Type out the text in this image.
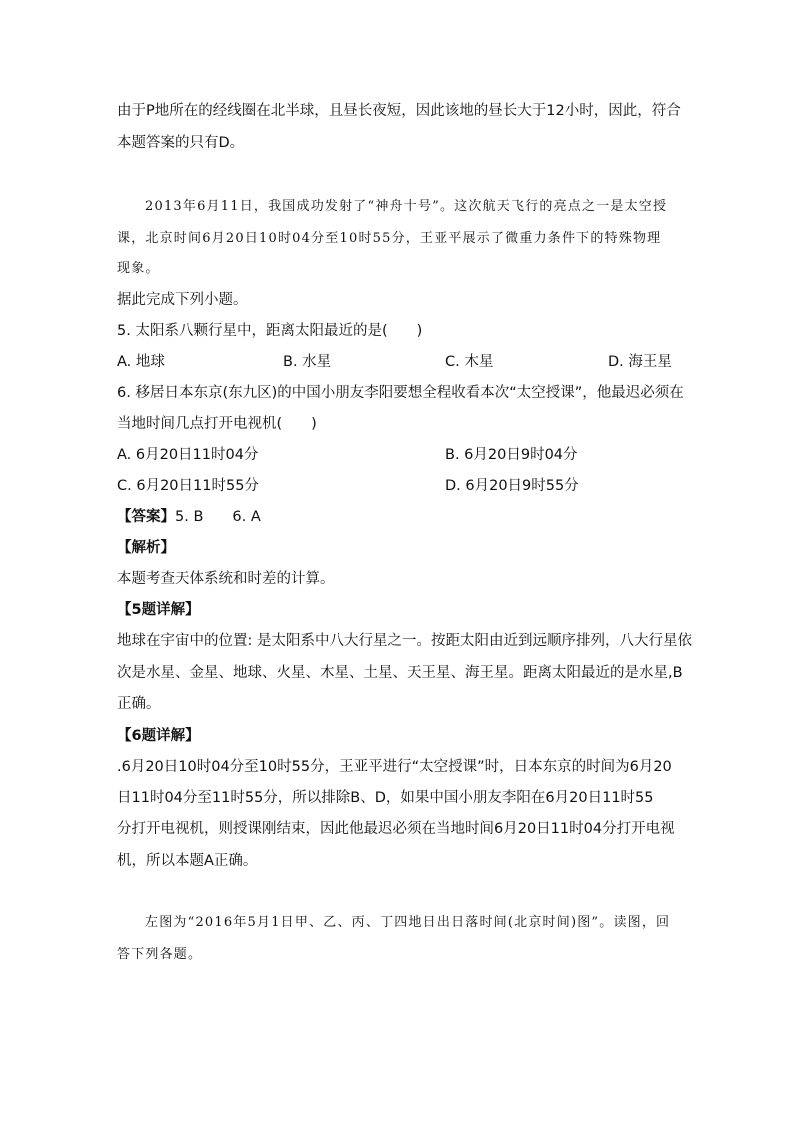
由于P地所在的经线圈在北半球，且昼长夜短，因此该地的昼长大于12小时，因此，符合
本题答案的只有D。
2013年6月11日，我国成功发射了“神舟十号”。这次航天飞行的亮点之一是太空授
课，北京时间6月20日10时04分至10时55分，王亚平展示了微重力条件下的特殊物理
现象。
据此完成下列小题。
5. 太阳系八颗行星中，距离太阳最近的是(　　)
A. 地球	B. 水星	C. 木星	D. 海王星
6. 移居日本东京(东九区)的中国小朋友李阳要想全程收看本次“太空授课”，他最迟必须在
当地时间几点打开电视机(　　)
A. 6月20日11时04分	B. 6月20日9时04分
C. 6月20日11时55分	D. 6月20日9时55分
【答案】5. B　　6. A
【解析】
本题考查天体系统和时差的计算。
【5题详解】
地球在宇宙中的位置: 是太阳系中八大行星之一。按距太阳由近到远顺序排列，八大行星依
次是水星、金星、地球、火星、木星、土星、天王星、海王星。距离太阳最近的是水星,B
正确。
【6题详解】
.6月20日10时04分至10时55分，王亚平进行“太空授课”时，日本东京的时间为6月20
日11时04分至11时55分，所以排除B、D，如果中国小朋友李阳在6月20日11时55
分打开电视机，则授课刚结束，因此他最迟必须在当地时间6月20日11时04分打开电视
机，所以本题A正确。
左图为“2016年5月1日甲、乙、丙、丁四地日出日落时间(北京时间)图”。读图，回
答下列各题。
